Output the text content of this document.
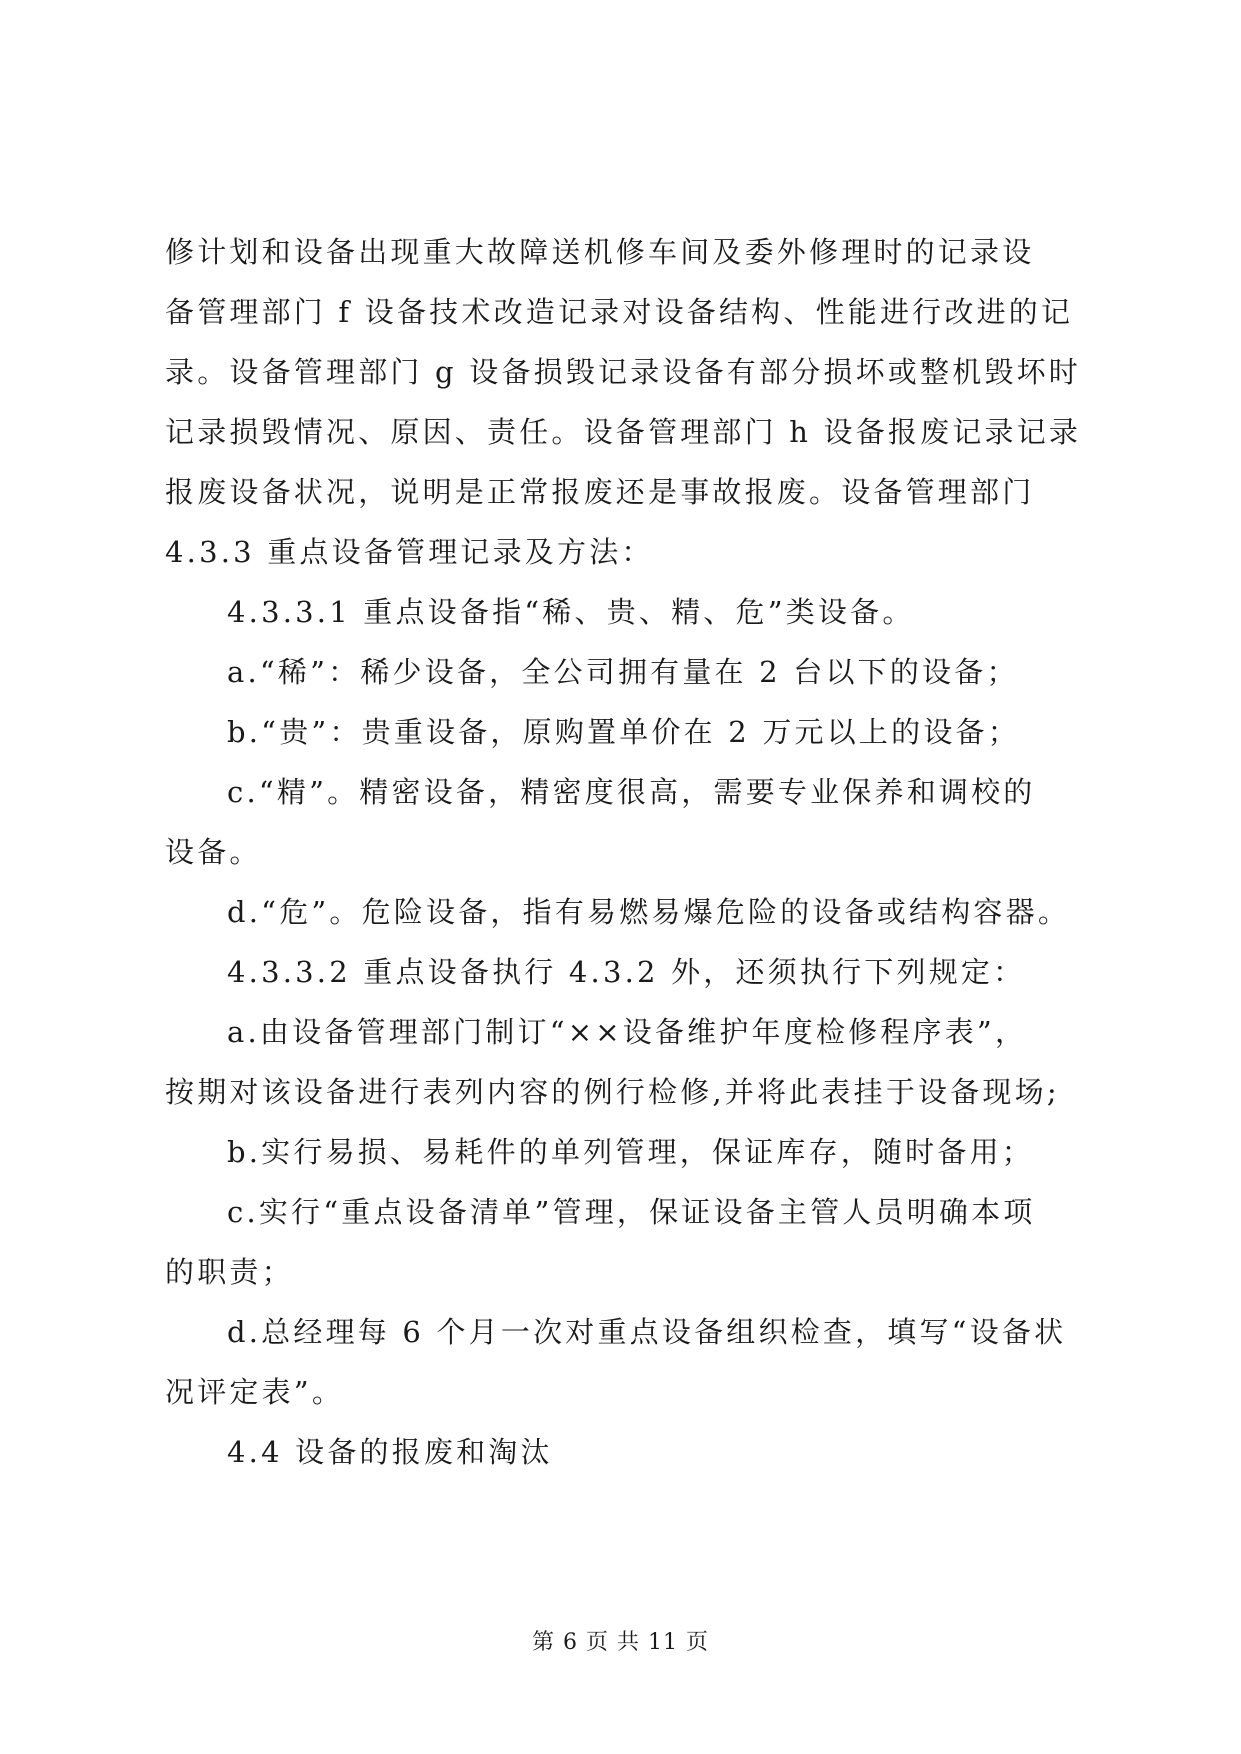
修计划和设备出现重大故障送机修车间及委外修理时的记录设
备管理部门 f 设备技术改造记录对设备结构、性能进行改进的记
录。设备管理部门 g 设备损毁记录设备有部分损坏或整机毁坏时
记录损毁情况、原因、责任。设备管理部门 h 设备报废记录记录
报废设备状况，说明是正常报废还是事故报废。设备管理部门
4.3.3 重点设备管理记录及方法：
4.3.3.1 重点设备指“稀、贵、精、危”类设备。
a.“稀”：稀少设备，全公司拥有量在 2 台以下的设备；
b.“贵”：贵重设备，原购置单价在 2 万元以上的设备；
c.“精”。精密设备，精密度很高，需要专业保养和调校的
设备。
d.“危”。危险设备，指有易燃易爆危险的设备或结构容器。
4.3.3.2 重点设备执行 4.3.2 外，还须执行下列规定：
a.由设备管理部门制订“××设备维护年度检修程序表”，
按期对该设备进行表列内容的例行检修,并将此表挂于设备现场;
b.实行易损、易耗件的单列管理，保证库存，随时备用；
c.实行“重点设备清单”管理，保证设备主管人员明确本项
的职责；
d.总经理每 6 个月一次对重点设备组织检查，填写“设备状
况评定表”。
4.4 设备的报废和淘汰
第 6 页 共 11 页
